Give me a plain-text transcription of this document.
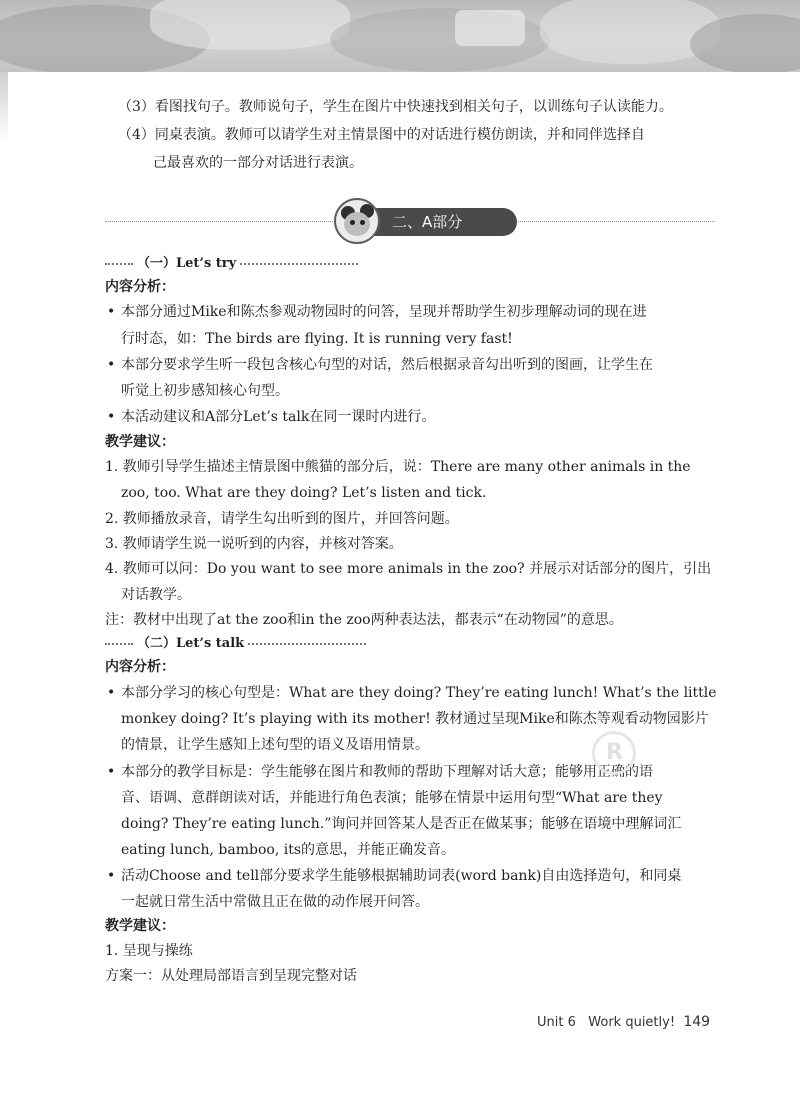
（3）看图找句子。教师说句子，学生在图片中快速找到相关句子，以训练句子认读能力。
（4）同桌表演。教师可以请学生对主情景图中的对话进行模仿朗读，并和同伴选择自
己最喜欢的一部分对话进行表演。
二、A部分
（一）Let’s try
内容分析：
• 本部分通过Mike和陈杰参观动物园时的问答，呈现并帮助学生初步理解动词的现在进
行时态，如：The birds are flying. It is running very fast!
• 本部分要求学生听一段包含核心句型的对话，然后根据录音勾出听到的图画，让学生在
听觉上初步感知核心句型。
• 本活动建议和A部分Let’s talk在同一课时内进行。
教学建议：
1. 教师引导学生描述主情景图中熊猫的部分后，说：There are many other animals in the
zoo, too. What are they doing? Let’s listen and tick.
2. 教师播放录音，请学生勾出听到的图片，并回答问题。
3. 教师请学生说一说听到的内容，并核对答案。
4. 教师可以问：Do you want to see more animals in the zoo? 并展示对话部分的图片，引出
对话教学。
注：教材中出现了at the zoo和in the zoo两种表达法，都表示“在动物园”的意思。
（二）Let’s talk
内容分析：
• 本部分学习的核心句型是：What are they doing? They’re eating lunch! What’s the little
monkey doing? It’s playing with its mother! 教材通过呈现Mike和陈杰等观看动物园影片
的情景，让学生感知上述句型的语义及语用情景。
• 本部分的教学目标是：学生能够在图片和教师的帮助下理解对话大意；能够用正确的语
音、语调、意群朗读对话，并能进行角色表演；能够在情景中运用句型“What are they
doing? They’re eating lunch.”询问并回答某人是否正在做某事；能够在语境中理解词汇
eating lunch, bamboo, its的意思，并能正确发音。
• 活动Choose and tell部分要求学生能够根据辅助词表(word bank)自由选择造句，和同桌
一起就日常生活中常做且正在做的动作展开问答。
教学建议：
1. 呈现与操练
方案一：从处理局部语言到呈现完整对话
R
Unit 6 Work quietly! 149
